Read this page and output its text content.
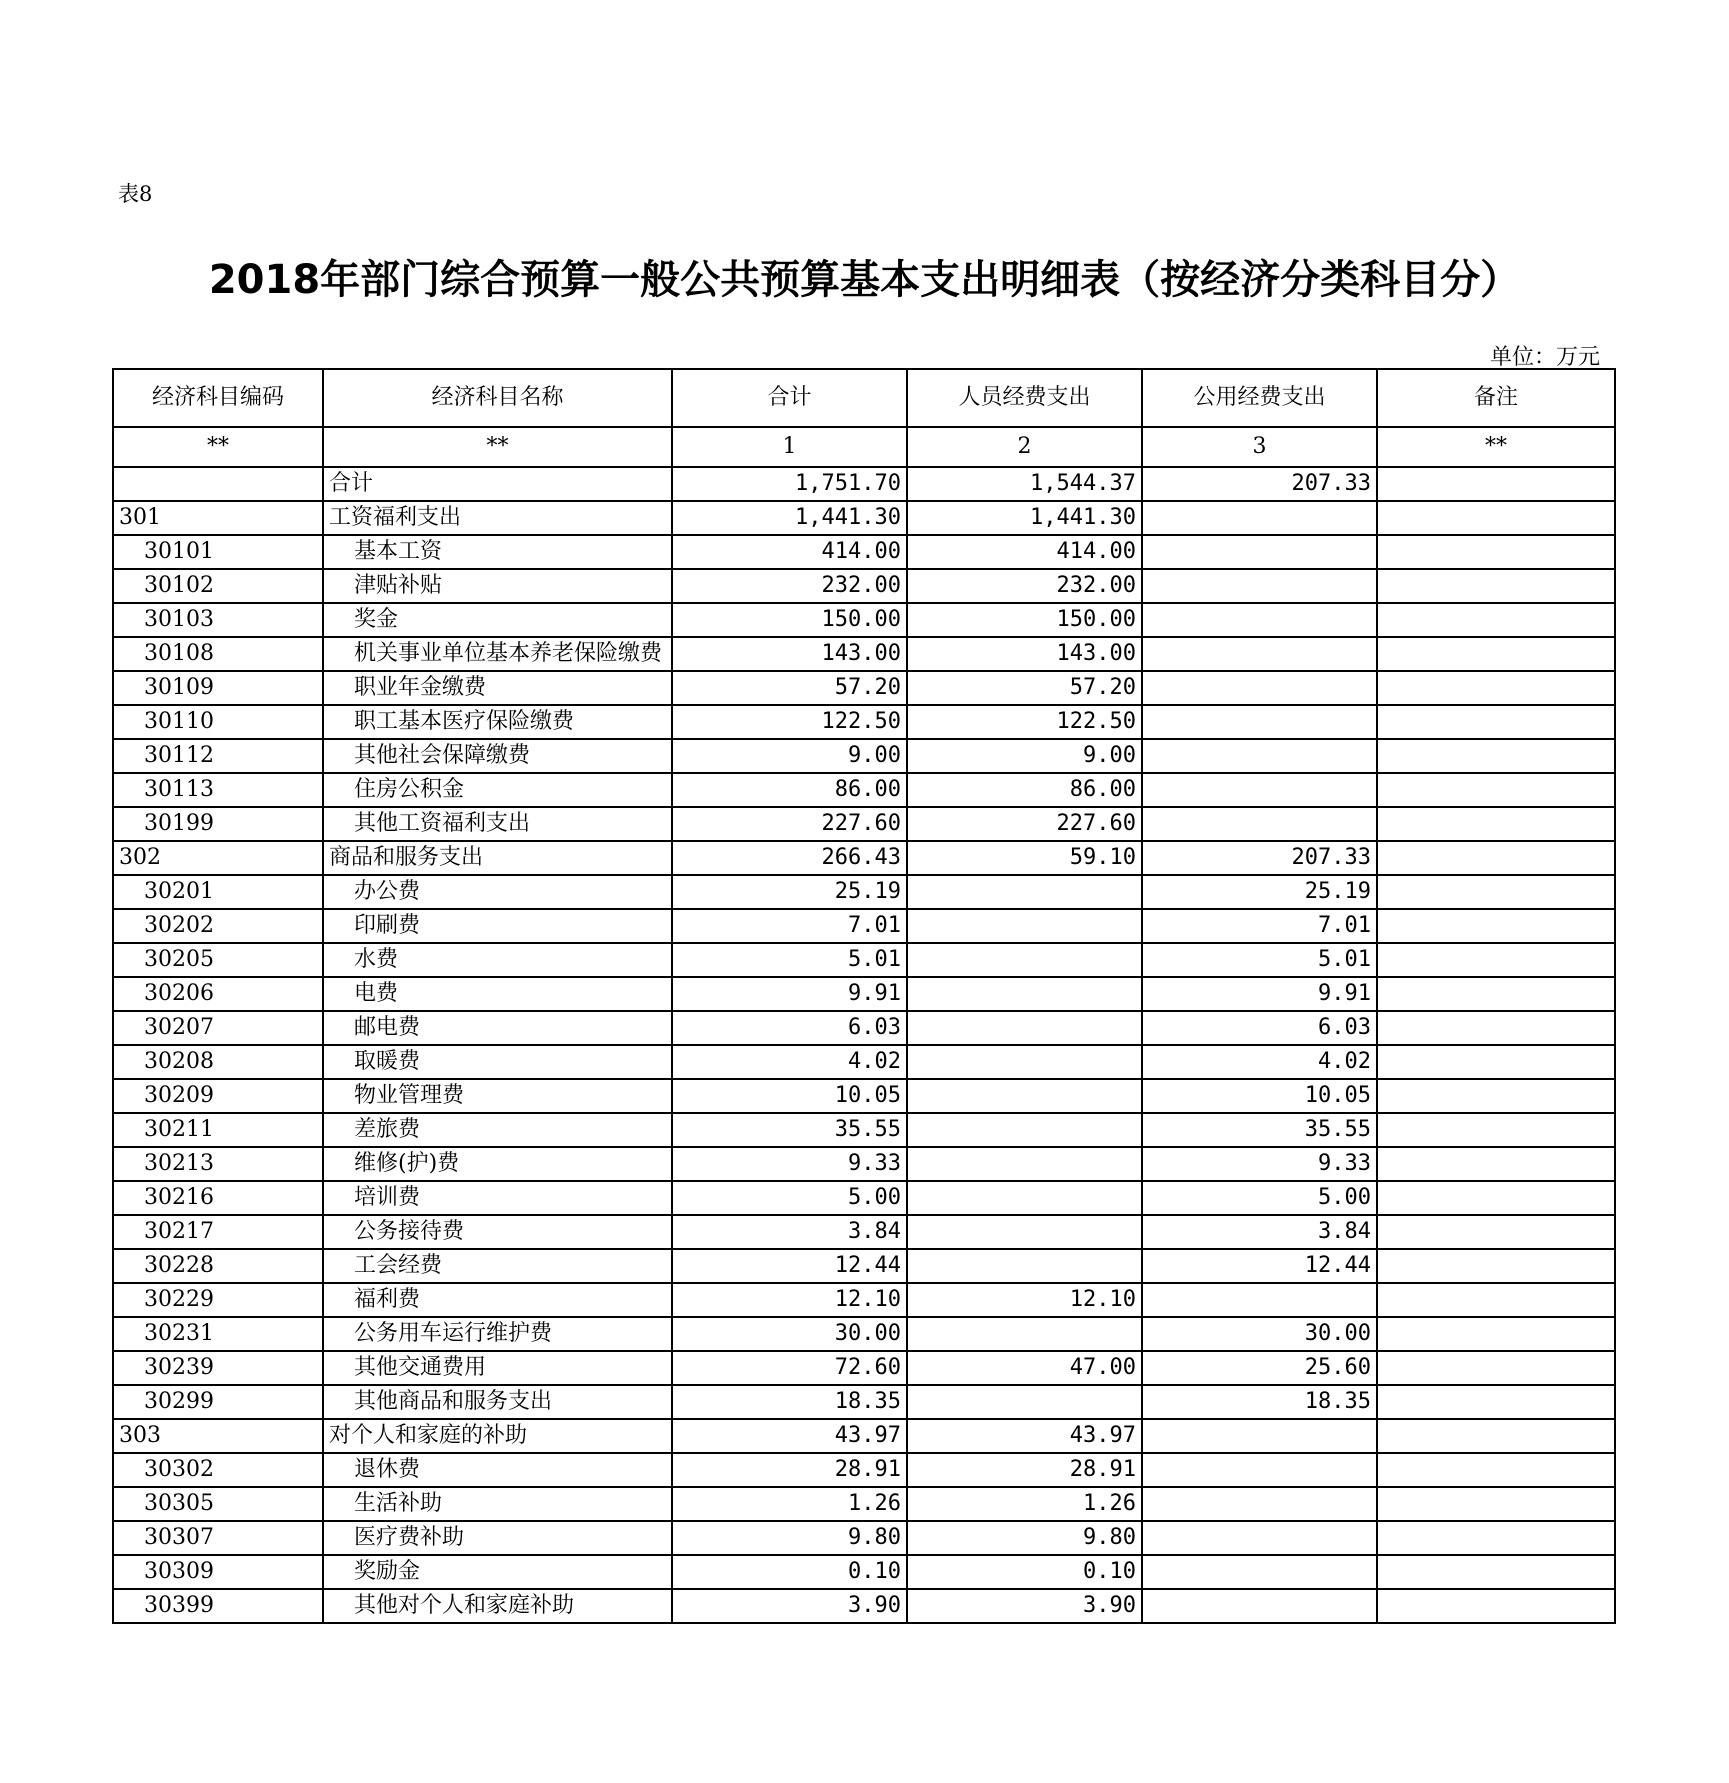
表8
2018年部门综合预算一般公共预算基本支出明细表（按经济分类科目分）
单位：万元
经济科目编码	经济科目名称	合计	人员经费支出	公用经费支出	备注
**	**	1	2	3	**
	合计	1,751.70	1,544.37	207.33	
301	工资福利支出	1,441.30	1,441.30		
30101	基本工资	414.00	414.00		
30102	津贴补贴	232.00	232.00		
30103	奖金	150.00	150.00		
30108	机关事业单位基本养老保险缴费	143.00	143.00		
30109	职业年金缴费	57.20	57.20		
30110	职工基本医疗保险缴费	122.50	122.50		
30112	其他社会保障缴费	9.00	9.00		
30113	住房公积金	86.00	86.00		
30199	其他工资福利支出	227.60	227.60		
302	商品和服务支出	266.43	59.10	207.33	
30201	办公费	25.19		25.19	
30202	印刷费	7.01		7.01	
30205	水费	5.01		5.01	
30206	电费	9.91		9.91	
30207	邮电费	6.03		6.03	
30208	取暖费	4.02		4.02	
30209	物业管理费	10.05		10.05	
30211	差旅费	35.55		35.55	
30213	维修(护)费	9.33		9.33	
30216	培训费	5.00		5.00	
30217	公务接待费	3.84		3.84	
30228	工会经费	12.44		12.44	
30229	福利费	12.10	12.10		
30231	公务用车运行维护费	30.00		30.00	
30239	其他交通费用	72.60	47.00	25.60	
30299	其他商品和服务支出	18.35		18.35	
303	对个人和家庭的补助	43.97	43.97		
30302	退休费	28.91	28.91		
30305	生活补助	1.26	1.26		
30307	医疗费补助	9.80	9.80		
30309	奖励金	0.10	0.10		
30399	其他对个人和家庭补助	3.90	3.90		
